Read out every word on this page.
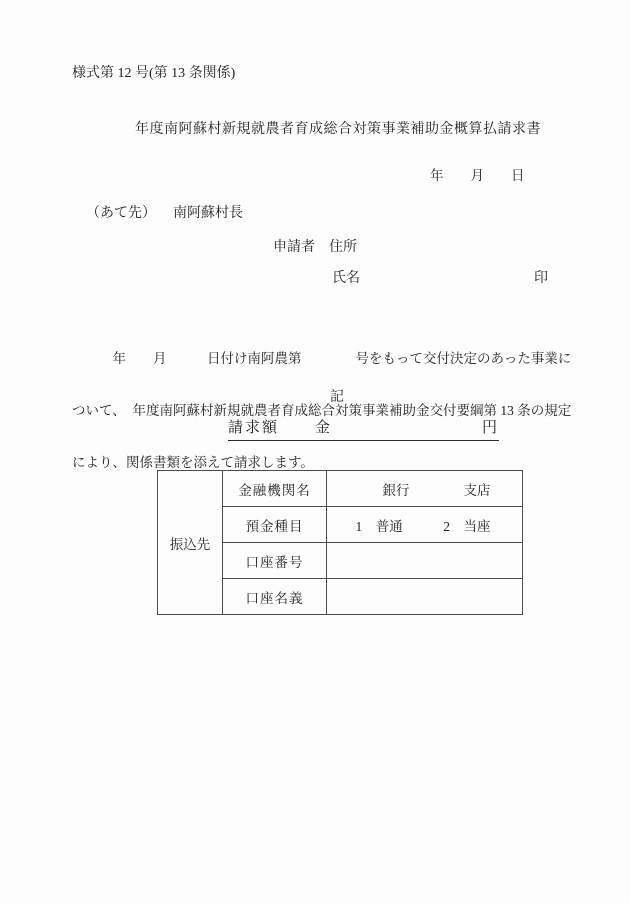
様式第 12 号(第 13 条関係)
年度南阿蘇村新規就農者育成総合対策事業補助金概算払請求書
年　　月　　日
（あて先） 南阿蘇村長
申請者 住所
氏名	印

　　　年　　月　　　日付け南阿農第　　　　号をもって交付決定のあった事業に

ついて、　年度南阿蘇村新規就農者育成総合対策事業補助金交付要綱第 13 条の規定

により、関係書類を添えて請求します。

記
請求額 金	円
振込先	金融機関名	　　　銀行　　　　支店
	預金種目	　1　普通　　　2　当座
	口座番号	
	口座名義	
